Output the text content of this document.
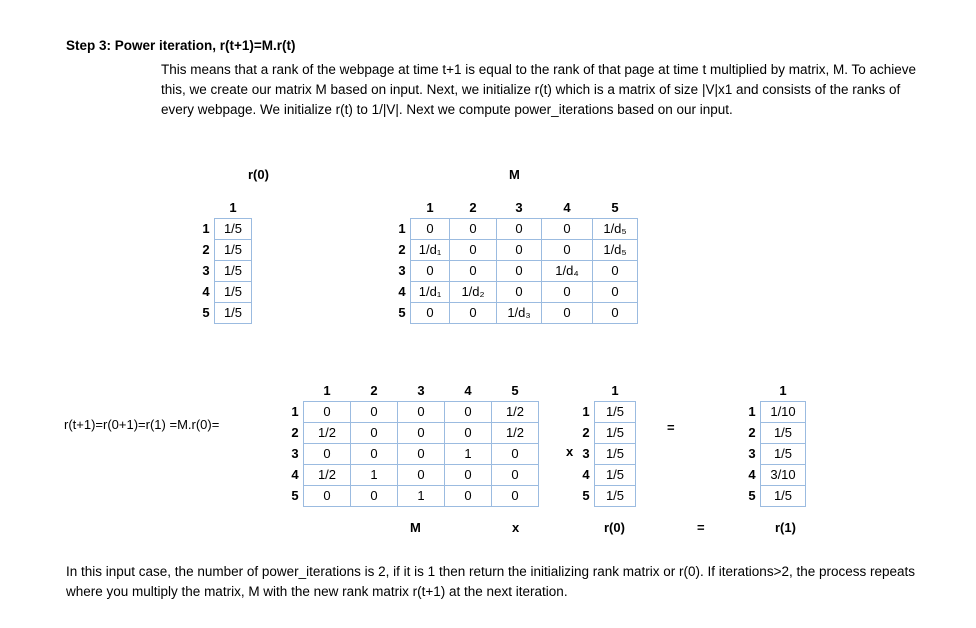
Step 3: Power iteration, r(t+1)=M.r(t)

This means that a rank of the webpage at time t+1 is equal to the rank of that page at time t multiplied by matrix, M. To achieve this, we create our matrix M based on input. Next, we initialize r(t) which is a matrix of size |V|x1 and consists of the ranks of every webpage. We initialize r(t) to 1/|V|. Next we compute power_iterations based on our input.

r(0)	M
	1
1	1/5
2	1/5
3	1/5
4	1/5
5	1/5
	1	2	3	4	5
1	0	0	0	0	1/d₅
2	1/d₁	0	0	0	1/d₅
3	0	0	0	1/d₄	0
4	1/d₁	1/d₂	0	0	0
5	0	0	1/d₃	0	0
r(t+1)=r(0+1)=r(1) =M.r(0)=
	1	2	3	4	5
1	0	0	0	0	1/2
2	1/2	0	0	0	1/2
3	0	0	0	1	0
4	1/2	1	0	0	0
5	0	0	1	0	0
x
	1
1	1/5
2	1/5
3	1/5
4	1/5
5	1/5
=
	1
1	1/10
2	1/5
3	1/5
4	3/10
5	1/5
M	x	r(0)	=	r(1)

In this input case, the number of power_iterations is 2, if it is 1 then return the initializing rank matrix or r(0). If iterations>2, the process repeats where you multiply the matrix, M with the new rank matrix r(t+1) at the next iteration.
